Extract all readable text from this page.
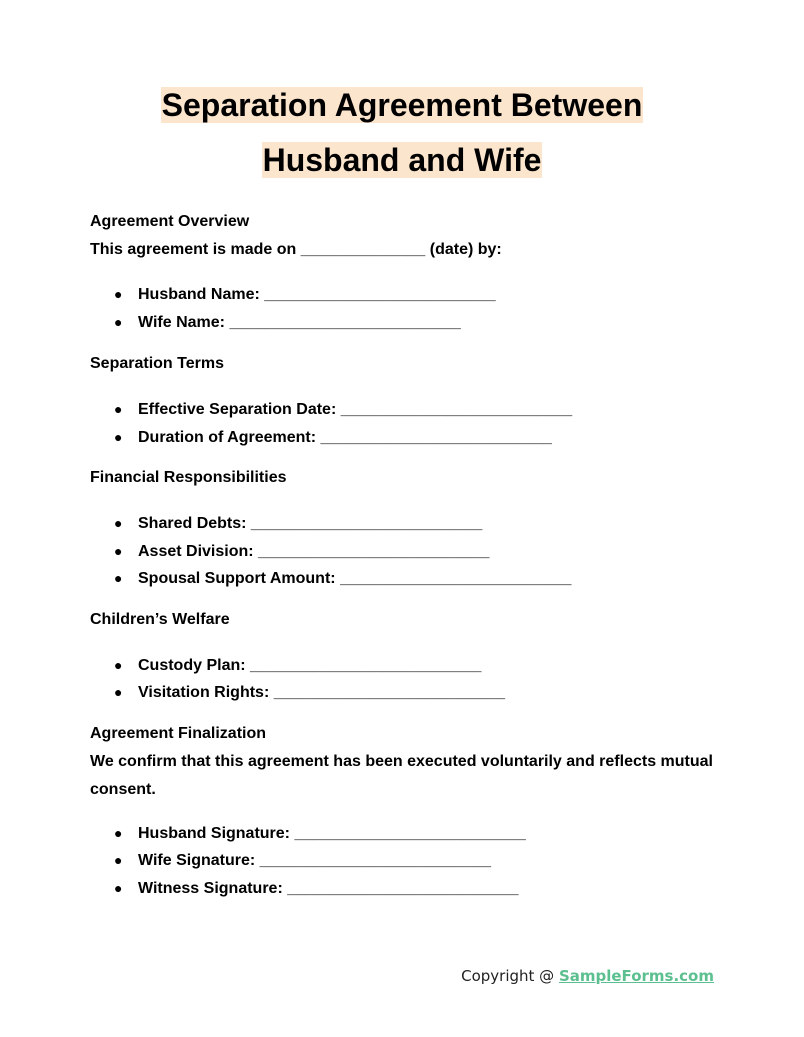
Separation Agreement Between
Husband and Wife
Agreement Overview
This agreement is made on ______________ (date) by:
● Husband Name: __________________________
● Wife Name: __________________________
Separation Terms
● Effective Separation Date: __________________________
● Duration of Agreement: __________________________
Financial Responsibilities
● Shared Debts: __________________________
● Asset Division: __________________________
● Spousal Support Amount: __________________________
Children’s Welfare
● Custody Plan: __________________________
● Visitation Rights: __________________________
Agreement Finalization
We confirm that this agreement has been executed voluntarily and reflects mutual consent.
● Husband Signature: __________________________
● Wife Signature: __________________________
● Witness Signature: __________________________
Copyright @ SampleForms.com
